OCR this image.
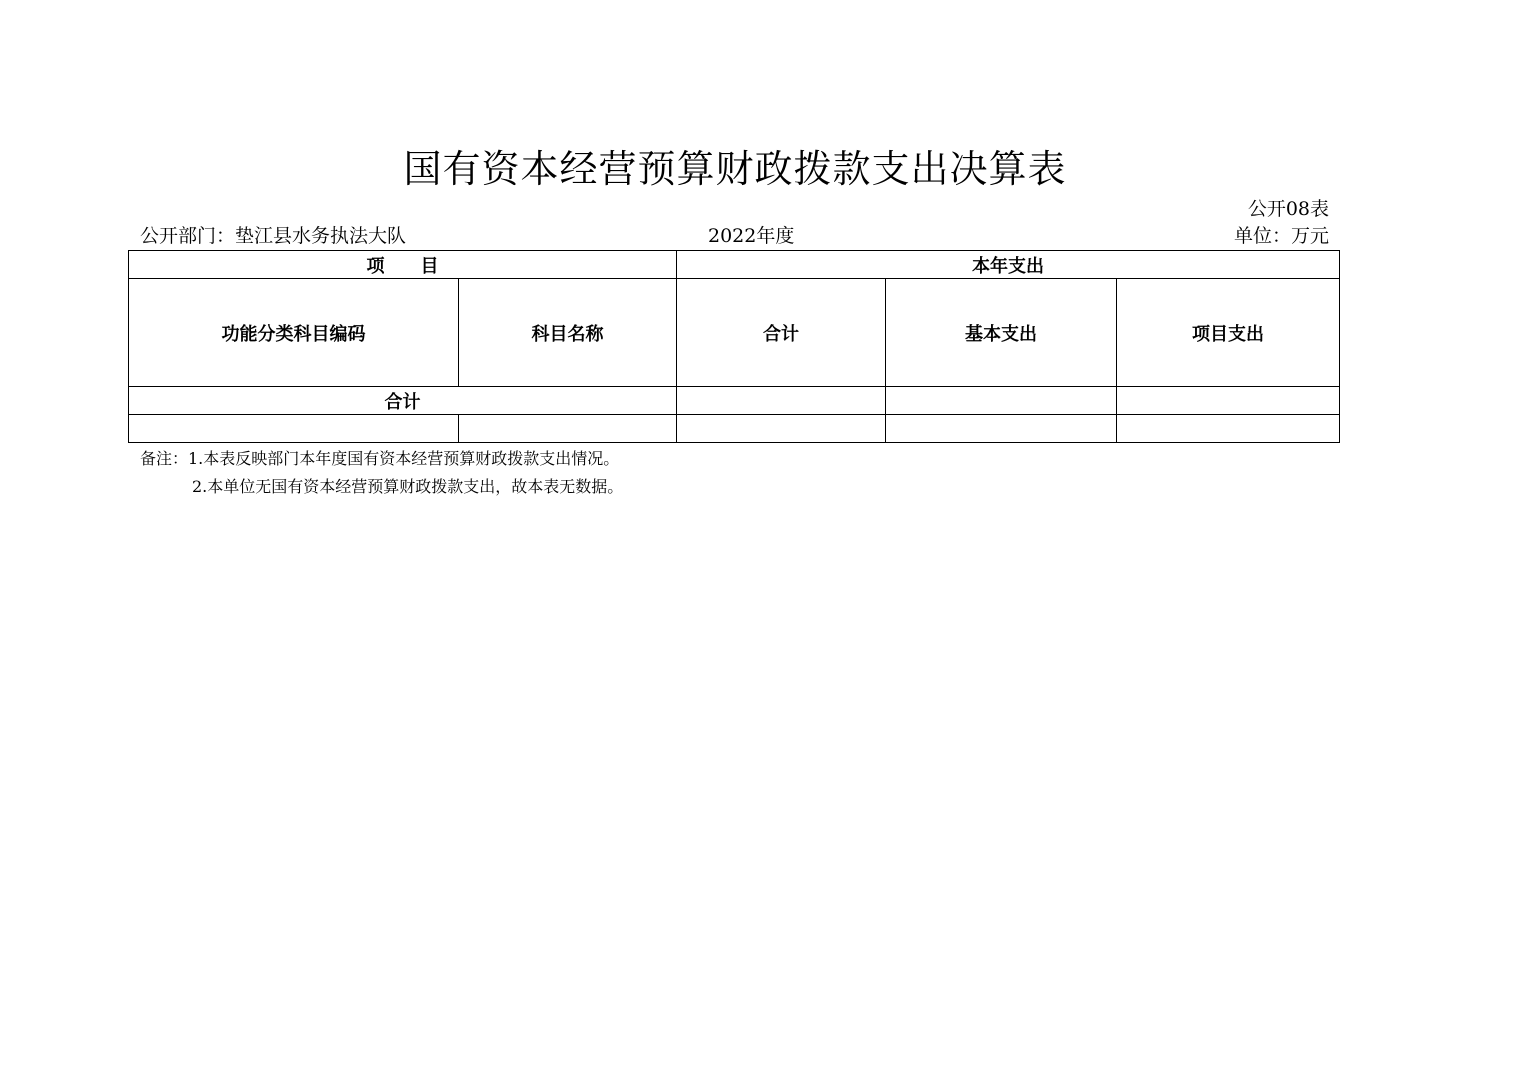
国有资本经营预算财政拨款支出决算表
公开08表
公开部门：垫江县水务执法大队	2022年度	单位：万元
项　　目		本年支出		
功能分类科目编码	科目名称	合计	基本支出	项目支出
合计				

备注：1.本表反映部门本年度国有资本经营预算财政拨款支出情况。
2.本单位无国有资本经营预算财政拨款支出，故本表无数据。
